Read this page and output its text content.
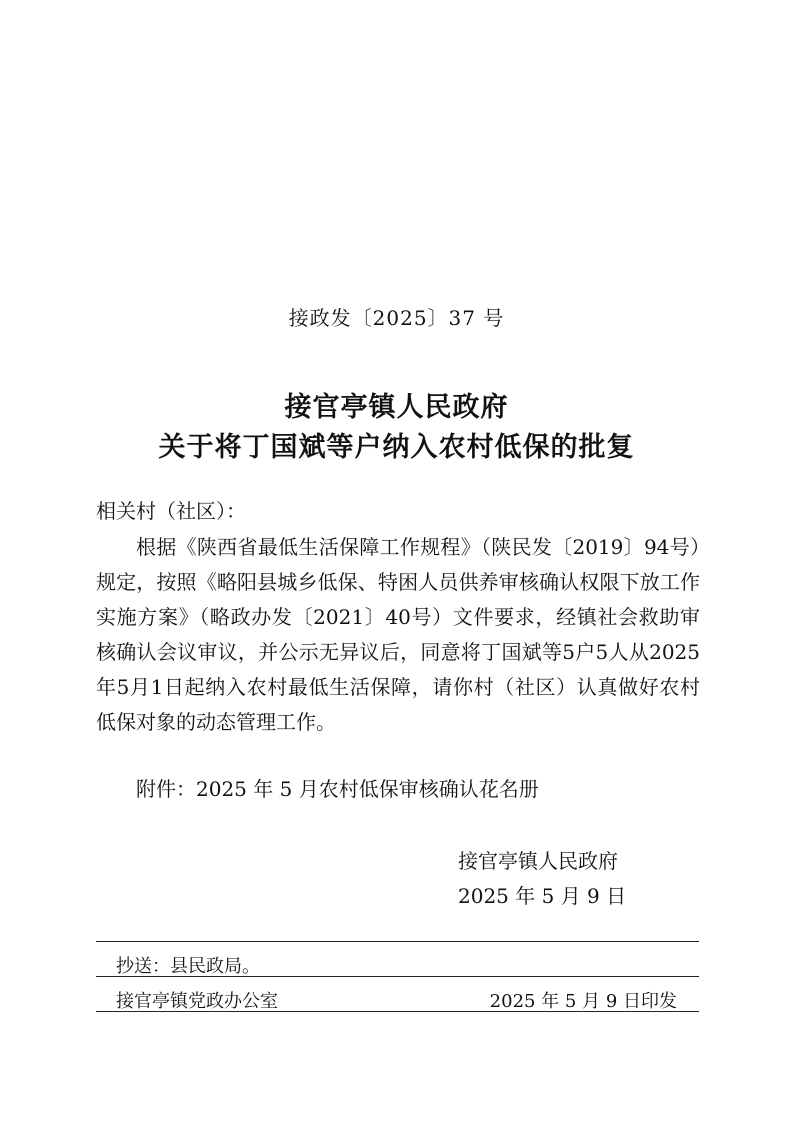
接政发〔2025〕37 号
接官亭镇人民政府
关于将丁国斌等户纳入农村低保的批复
相关村（社区）：
根据《陕西省最低生活保障工作规程》（陕民发〔2019〕94号）规定，按照《略阳县城乡低保、特困人员供养审核确认权限下放工作实施方案》（略政办发〔2021〕40号）文件要求，经镇社会救助审核确认会议审议，并公示无异议后，同意将丁国斌等5户5人从2025年5月1日起纳入农村最低生活保障，请你村（社区）认真做好农村低保对象的动态管理工作。
附件：2025 年 5 月农村低保审核确认花名册
接官亭镇人民政府
2025 年 5 月 9 日
抄送：县民政局。
接官亭镇党政办公室	2025 年 5 月 9 日印发
